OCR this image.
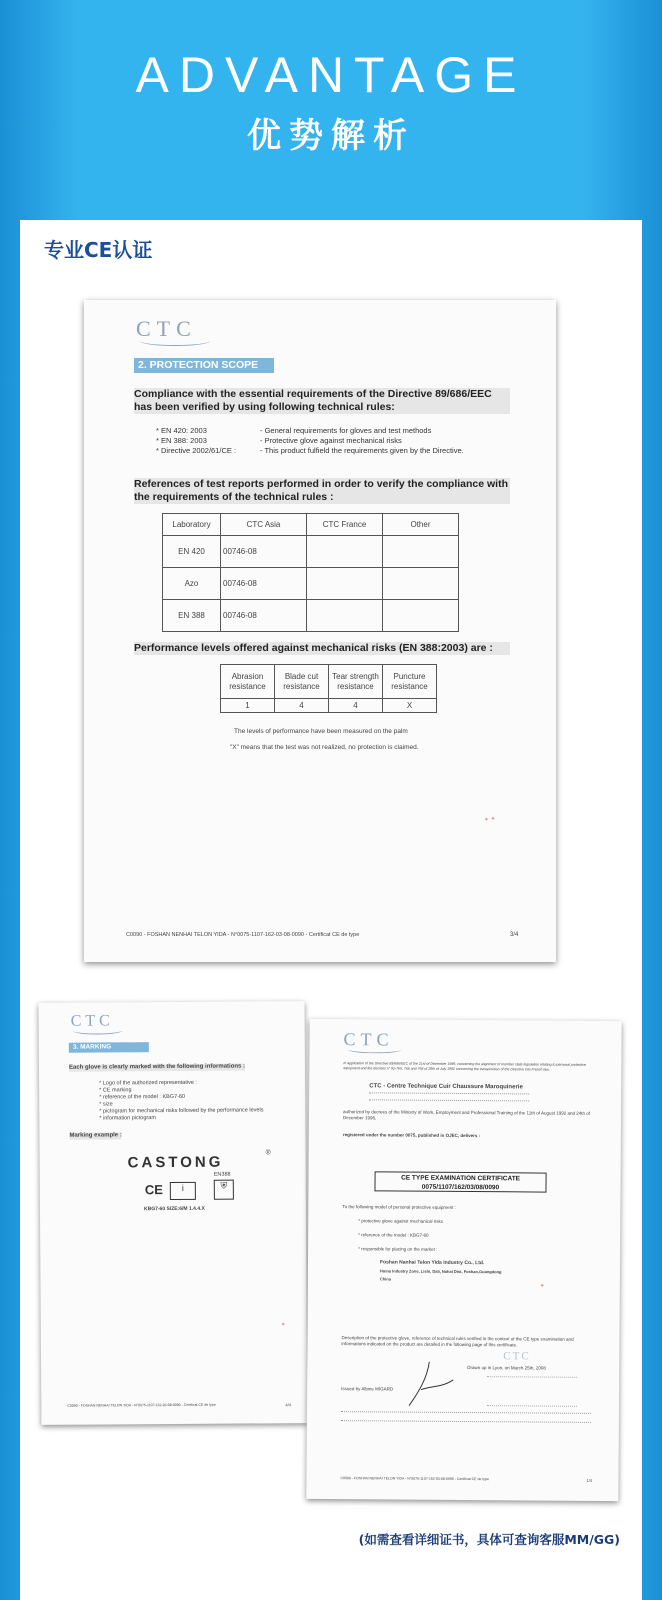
ADVANTAGE
优势解析
专业CE认证
CTC
2. PROTECTION SCOPE
Compliance with the essential requirements of the Directive 89/686/EEC has been verified by using following technical rules:
* EN 420: 2003	- General requirements for gloves and test methods
* EN 388: 2003	- Protective glove against mechanical risks
* Directive 2002/61/CE :	- This product fulfield the requirements given by the Directive.
References of test reports performed in order to verify the compliance with the requirements of the technical rules :
Laboratory	CTC Asia	CTC France	Other
EN 420	00746-08		
Azo	00746-08		
EN 388	00746-08		
Performance levels offered against mechanical risks (EN 388:2003) are :
Abrasion resistance	Blade cut resistance	Tear strength resistance	Puncture resistance
1	4	4	X
The levels of performance have been measured on the palm
"X" means that the test was not realized, no protection is claimed.
✦ ✦
C0090 - FOSHAN NENHAI TELON YIDA - N°0075-1107-162-03-08-0090 - Certificat CE de type	3/4
CTC
3. MARKING
Each glove is clearly marked with the following informations :
* Logo of the authorized representative :
* CE marking
* reference of the model : KBG7-60
* size
* pictogram for mechanical risks followed by the performance levels
* information pictogram
Marking example :
CASTONG
®
CE	i
EN388
⛨
KBG7-60 SIZE:6/M 1.4.4.X
✦
C0090 - FOSHAN NENHAI TELON YIDA - N°0075-1107-162-03-08-0090 - Certificat CE de type	4/4
CTC
In application of the Directive 89/686/EEC of the 21st of December 1989, concerning the alignment of member state legislation relating to personal protective equipment and the decrees n° 92-765, 766 and 768 of 29th of July 1992 concerning the transposition of the Directive into French law,
CTC - Centre Technique Cuir Chaussure Maroquinerie
authorized by decrees of the Ministry of Work, Employment and Professional Training of the 11th of August 1992 and 24th of December 1996,
registered under the number 0075, published in OJEC, delivers :
CE TYPE EXAMINATION CERTIFICATE
0075/1107/162/03/08/0090
To the following model of personal protective equipment :
* protective glove against mechanical risks
* reference of the model : KBG7-60
* responsible for placing on the market :
Foshan Nanhai Telon Yida Industry Co., Ltd.
Huma Industry Zone, Lishi, Dali, Nahai Dist, Foshan,Guangdong
China
✦
Description of the protective glove, reference of technical rules verified in the context of the CE type examination and informations indicated on the product are detailed in the following page of this certificate.
Drawn up in Lyon, on March 25th, 2008
CTC
Issued by Albine MIGARD
C0090 - FOSHAN NENHAI TELON YIDA - N°0075-1107-162-03-08-0090 - Certificat CE de type	1/4
(如需查看详细证书，具体可查询客服MM/GG)
